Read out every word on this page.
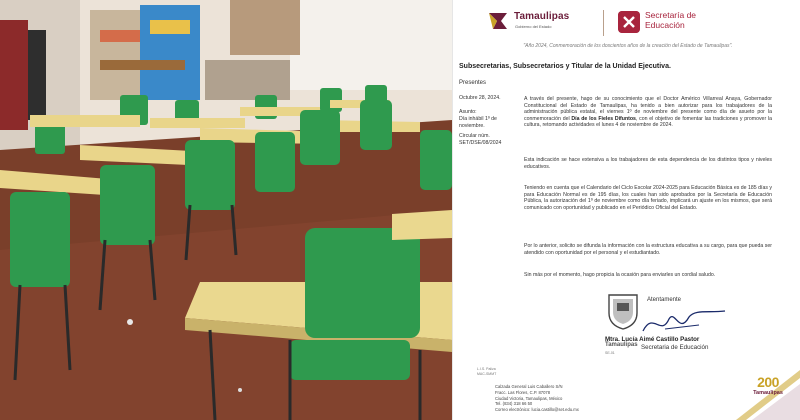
Tamaulipas
Gobierno del Estado
Secretaría de Educación
"Año 2024, Conmemoración de los doscientos años de la creación del Estado de Tamaulipas".
Subsecretarias, Subsecretarios y Titular de la Unidad Ejecutiva.
Presentes
Octubre 28, 2024.
Asunto:
Día inhábil 1º de noviembre.
Circular núm.
SET/DSE/08/2024

A través del presente, hago de su conocimiento que el Doctor Américo Villarreal Anaya, Gobernador Constitucional del Estado de Tamaulipas, ha tenido a bien autorizar para los trabajadores de la administración pública estatal, el viernes 1º de noviembre del presente como día de asueto por la conmemoración del Día de los Fieles Difuntos, con el objetivo de fomentar las tradiciones y promover la cultura, retomando actividades el lunes 4 de noviembre de 2024.

Esta indicación se hace extensiva a los trabajadores de esta dependencia de los distintos tipos y niveles educativos.

Teniendo en cuenta que el Calendario del Ciclo Escolar 2024-2025 para Educación Básica es de 185 días y para Educación Normal es de 195 días, los cuales han sido aprobados por la Secretaría de Educación Pública, la autorización del 1º de noviembre como día feriado, implicará un ajuste en los mismos, que será comunicado con oportunidad y publicado en el Periódico Oficial del Estado.

Por lo anterior, solicito se difunda la información con la estructura educativa a su cargo, para que pueda ser atendido con oportunidad por el personal y el estudiantado.

Sin más por el momento, hago propicia la ocasión para enviarles un cordial saludo.

Atentamente
Mtra. Lucía Aimé Castillo Pastor
Tamaulipas Secretaria de Educación
SE-01
L.I.S. Paliza
MAC-SMMT
Calzada General Luis Caballero S/N
Fracc. Las Flores, C.P. 87078
Ciudad Victoria, Tamaulipas, México
Tel. (834) 318 66 50
Correo electrónico: lucia.castillo@set.edu.mx
200
Tamaulipas
